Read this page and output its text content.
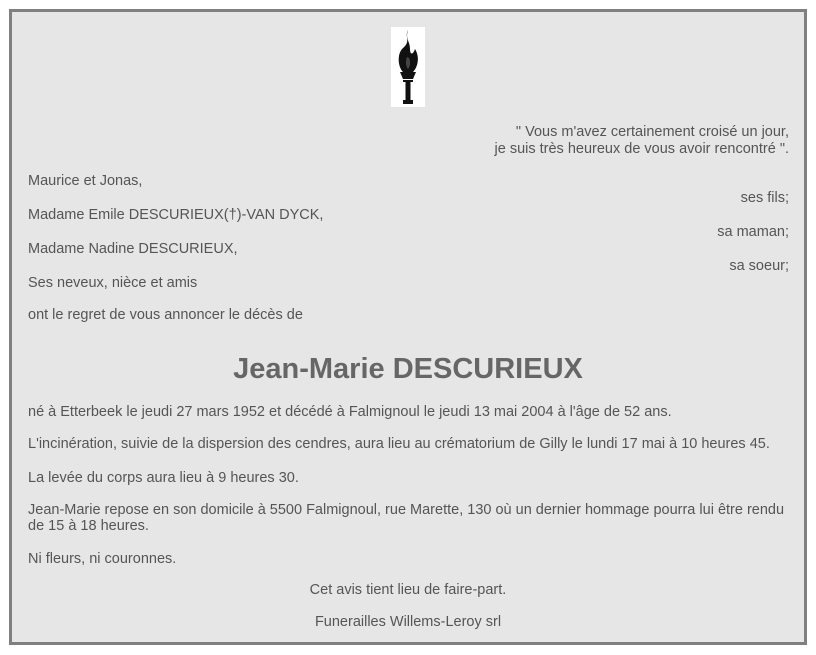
" Vous m'avez certainement croisé un jour,
je suis très heureux de vous avoir rencontré ".
Maurice et Jonas,
ses fils;
Madame Emile DESCURIEUX(†)-VAN DYCK,
sa maman;
Madame Nadine DESCURIEUX,
sa soeur;
Ses neveux, nièce et amis
ont le regret de vous annoncer le décès de
Jean-Marie DESCURIEUX
né à Etterbeek le jeudi 27 mars 1952 et décédé à Falmignoul le jeudi 13 mai 2004 à l'âge de 52 ans.
L'incinération, suivie de la dispersion des cendres, aura lieu au crématorium de Gilly le lundi 17 mai à 10 heures 45.
La levée du corps aura lieu à 9 heures 30.
Jean-Marie repose en son domicile à 5500 Falmignoul, rue Marette, 130 où un dernier hommage pourra lui être rendu
de 15 à 18 heures.
Ni fleurs, ni couronnes.
Cet avis tient lieu de faire-part.
Funerailles Willems-Leroy srl
